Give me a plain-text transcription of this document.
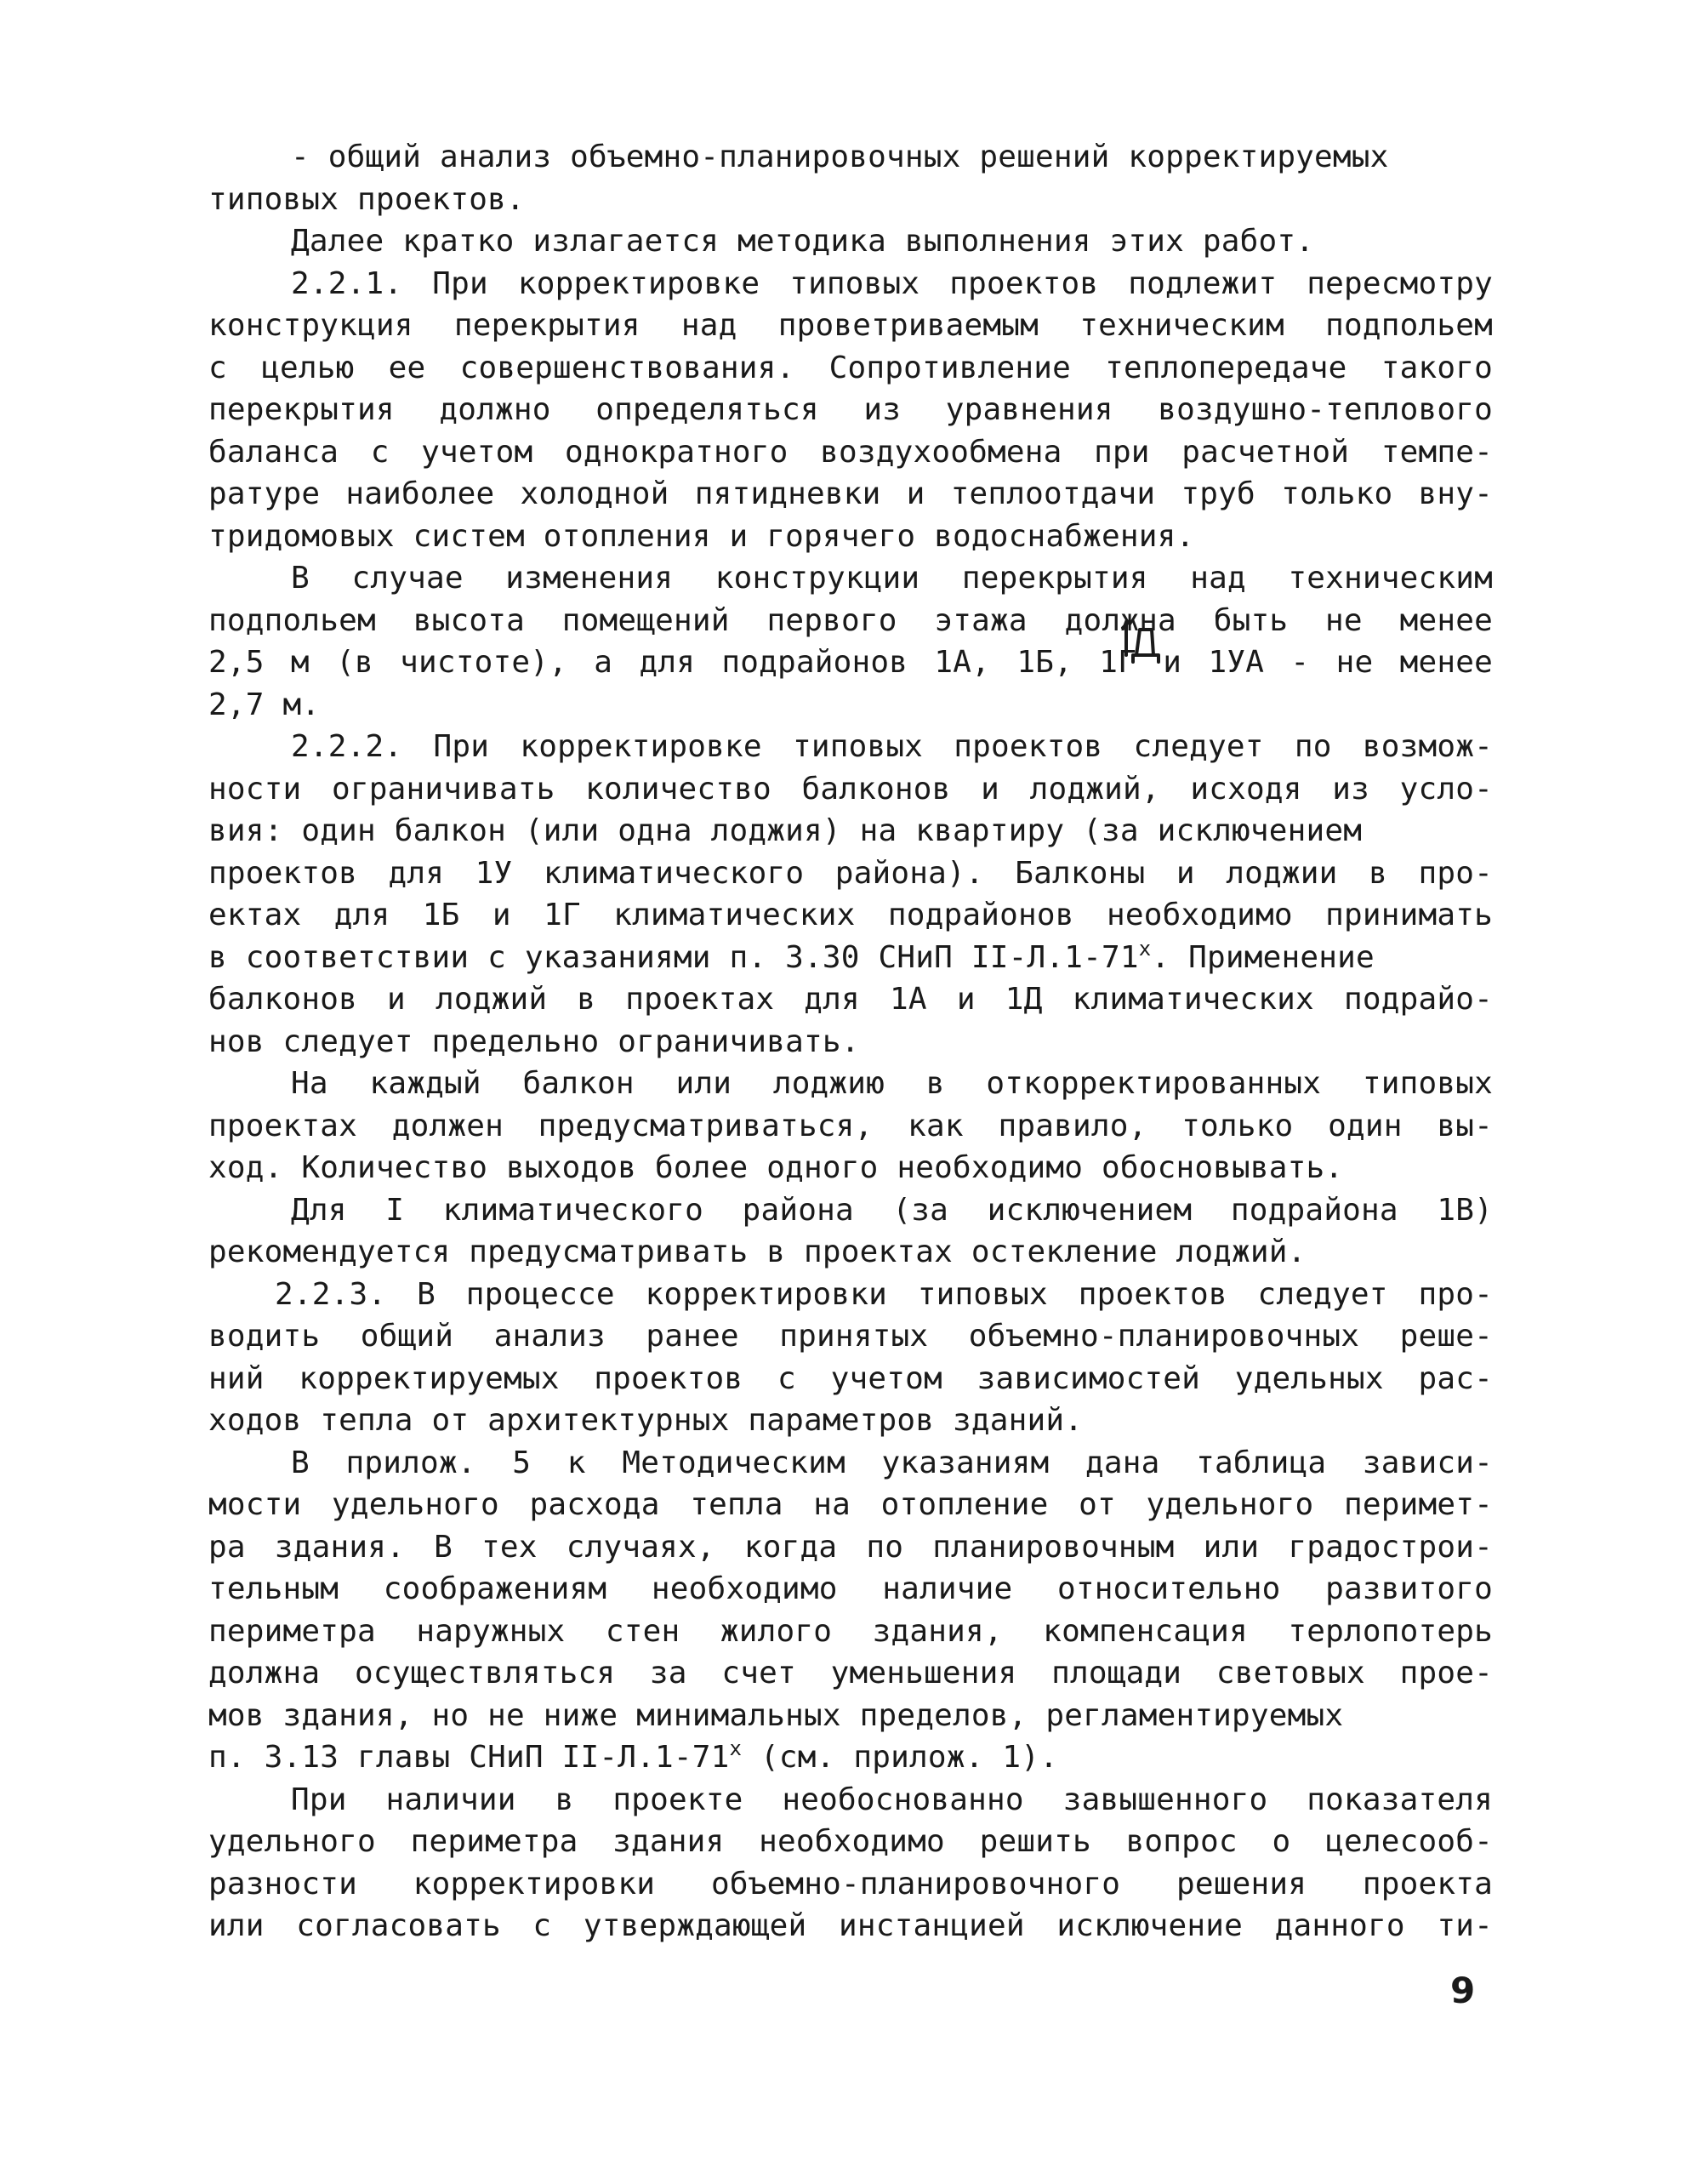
- общий анализ объемно-планировочных решений корректируемых
типовых проектов.
Далее кратко излагается методика выполнения этих работ.
2.2.1. При корректировке типовых проектов подлежит пересмотру
конструкция перекрытия над проветриваемым техническим подпольем
с целью ее совершенствования. Сопротивление теплопередаче такого
перекрытия должно определяться из уравнения воздушно-теплового
баланса с учетом однократного воздухообмена при расчетной темпе-
ратуре наиболее холодной пятидневки и теплоотдачи труб только вну-
тридомовых систем отопления и горячего водоснабжения.
В случае изменения конструкции перекрытия над техническим
подпольем высота помещений первого этажа должна быть не менее
2,5 м (в чистоте), а для подрайонов 1А, 1Б, 1Г и 1УА - не менее
2,7 м.
2.2.2. При корректировке типовых проектов следует по возмож-
ности ограничивать количество балконов и лоджий, исходя из усло-
вия: один балкон (или одна лоджия) на квартиру (за исключением
проектов для 1У климатического района). Балконы и лоджии в про-
ектах для 1Б и 1Г климатических подрайонов необходимо принимать
в соответствии с указаниями п. 3.30 СНиП II-Л.1-71$^x$. Применение
балконов и лоджий в проектах для 1А и 1Д климатических подрайо-
нов следует предельно ограничивать.
На каждый балкон или лоджию в откорректированных типовых
проектах должен предусматриваться, как правило, только один вы-
ход. Количество выходов более одного необходимо обосновывать.
Для I климатического района (за исключением подрайона 1В)
рекомендуется предусматривать в проектах остекление лоджий.
2.2.3. В процессе корректировки типовых проектов следует про-
водить общий анализ ранее принятых объемно-планировочных реше-
ний корректируемых проектов с учетом зависимостей удельных рас-
ходов тепла от архитектурных параметров зданий.
В прилож. 5 к Методическим указаниям дана таблица зависи-
мости удельного расхода тепла на отопление от удельного перимет-
ра здания. В тех случаях, когда по планировочным или градострои-
тельным соображениям необходимо наличие относительно развитого
периметра наружных стен жилого здания, компенсация терлопотерь
должна осуществляться за счет уменьшения площади световых прое-
мов здания, но не ниже минимальных пределов, регламентируемых
п. 3.13 главы СНиП II-Л.1-71$^x$ (см. прилож. 1).
При наличии в проекте необоснованно завышенного показателя
удельного периметра здания необходимо решить вопрос о целесооб-
разности корректировки объемно-планировочного решения проекта
или согласовать с утверждающей инстанцией исключение данного ти-
9
